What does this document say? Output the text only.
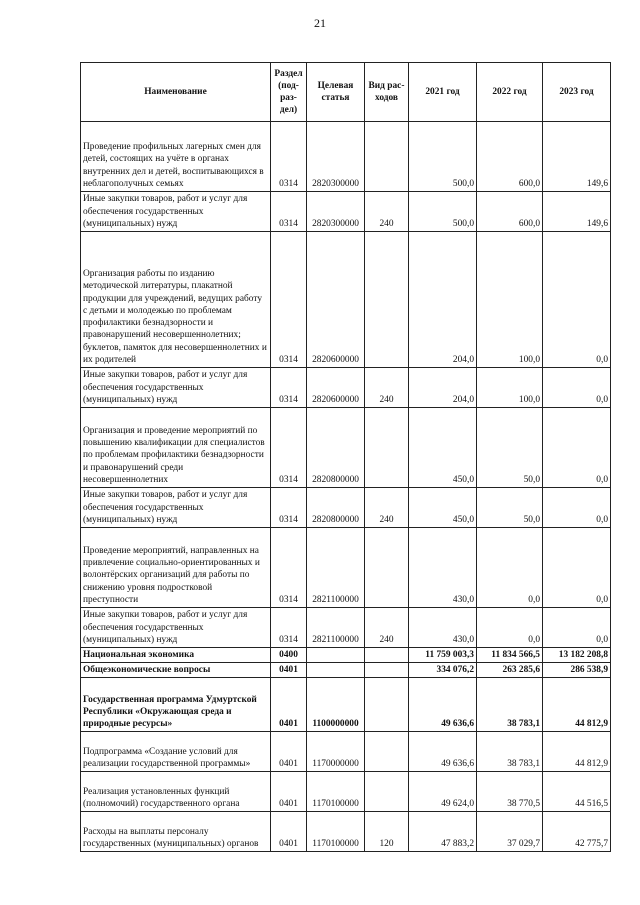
21
Наименование	Раздел (под-раз-дел)	Целевая статья	Вид рас-ходов	2021 год	2022 год	2023 год
Проведение профильных лагерных смен для детей, состоящих на учёте в органах внутренних дел и детей, воспитывающихся в неблагополучных семьях	0314	2820300000		500,0	600,0	149,6
Иные закупки товаров, работ и услуг для обеспечения государственных (муниципальных) нужд	0314	2820300000	240	500,0	600,0	149,6
Организация работы по изданию методической литературы, плакатной продукции для учреждений, ведущих работу с детьми и молодежью по проблемам профилактики безнадзорности и правонарушений несовершеннолетних; буклетов, памяток для несовершеннолетних и их родителей	0314	2820600000		204,0	100,0	0,0
Иные закупки товаров, работ и услуг для обеспечения государственных (муниципальных) нужд	0314	2820600000	240	204,0	100,0	0,0
Организация и проведение мероприятий по повышению квалификации для специалистов по проблемам профилактики безнадзорности и правонарушений среди несовершеннолетних	0314	2820800000		450,0	50,0	0,0
Иные закупки товаров, работ и услуг для обеспечения государственных (муниципальных) нужд	0314	2820800000	240	450,0	50,0	0,0
Проведение мероприятий, направленных на привлечение социально-ориентированных и волонтёрских организаций для работы по снижению уровня подростковой преступности	0314	2821100000		430,0	0,0	0,0
Иные закупки товаров, работ и услуг для обеспечения государственных (муниципальных) нужд	0314	2821100000	240	430,0	0,0	0,0
Национальная экономика	0400			11 759 003,3	11 834 566,5	13 182 208,8
Общеэкономические вопросы	0401			334 076,2	263 285,6	286 538,9
Государственная программа Удмуртской Республики «Окружающая среда и природные ресурсы»	0401	1100000000		49 636,6	38 783,1	44 812,9
Подпрограмма «Создание условий для реализации государственной программы»	0401	1170000000		49 636,6	38 783,1	44 812,9
Реализация установленных функций (полномочий) государственного органа	0401	1170100000		49 624,0	38 770,5	44 516,5
Расходы на выплаты персоналу государственных (муниципальных) органов	0401	1170100000	120	47 883,2	37 029,7	42 775,7
